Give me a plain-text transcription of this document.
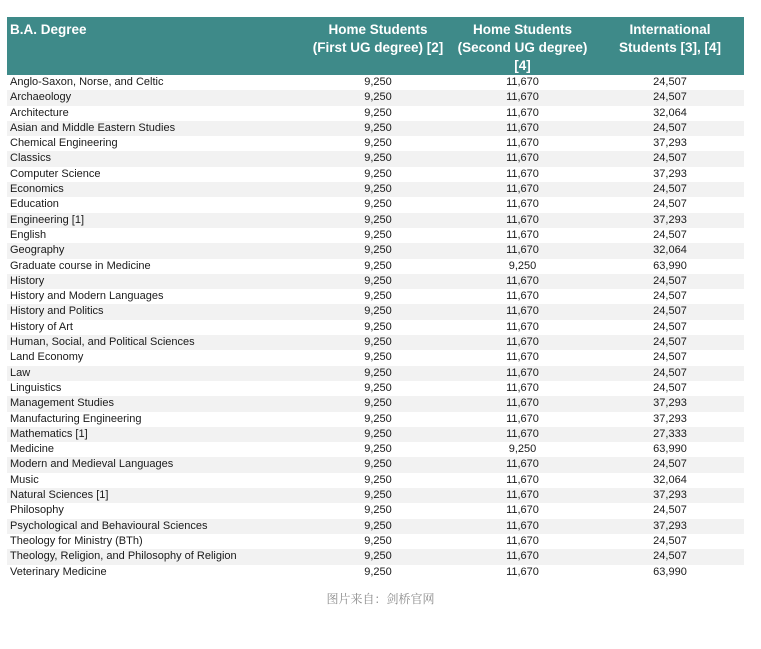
B.A. Degree	Home Students (First UG degree) [2]	Home Students (Second UG degree) [4]	International Students [3], [4]
Anglo-Saxon, Norse, and Celtic	9,250	11,670	24,507
Archaeology	9,250	11,670	24,507
Architecture	9,250	11,670	32,064
Asian and Middle Eastern Studies	9,250	11,670	24,507
Chemical Engineering	9,250	11,670	37,293
Classics	9,250	11,670	24,507
Computer Science	9,250	11,670	37,293
Economics	9,250	11,670	24,507
Education	9,250	11,670	24,507
Engineering [1]	9,250	11,670	37,293
English	9,250	11,670	24,507
Geography	9,250	11,670	32,064
Graduate course in Medicine	9,250	9,250	63,990
History	9,250	11,670	24,507
History and Modern Languages	9,250	11,670	24,507
History and Politics	9,250	11,670	24,507
History of Art	9,250	11,670	24,507
Human, Social, and Political Sciences	9,250	11,670	24,507
Land Economy	9,250	11,670	24,507
Law	9,250	11,670	24,507
Linguistics	9,250	11,670	24,507
Management Studies	9,250	11,670	37,293
Manufacturing Engineering	9,250	11,670	37,293
Mathematics [1]	9,250	11,670	27,333
Medicine	9,250	9,250	63,990
Modern and Medieval Languages	9,250	11,670	24,507
Music	9,250	11,670	32,064
Natural Sciences [1]	9,250	11,670	37,293
Philosophy	9,250	11,670	24,507
Psychological and Behavioural Sciences	9,250	11,670	37,293
Theology for Ministry (BTh)	9,250	11,670	24,507
Theology, Religion, and Philosophy of Religion	9,250	11,670	24,507
Veterinary Medicine	9,250	11,670	63,990
图片来自：剑桥官网
